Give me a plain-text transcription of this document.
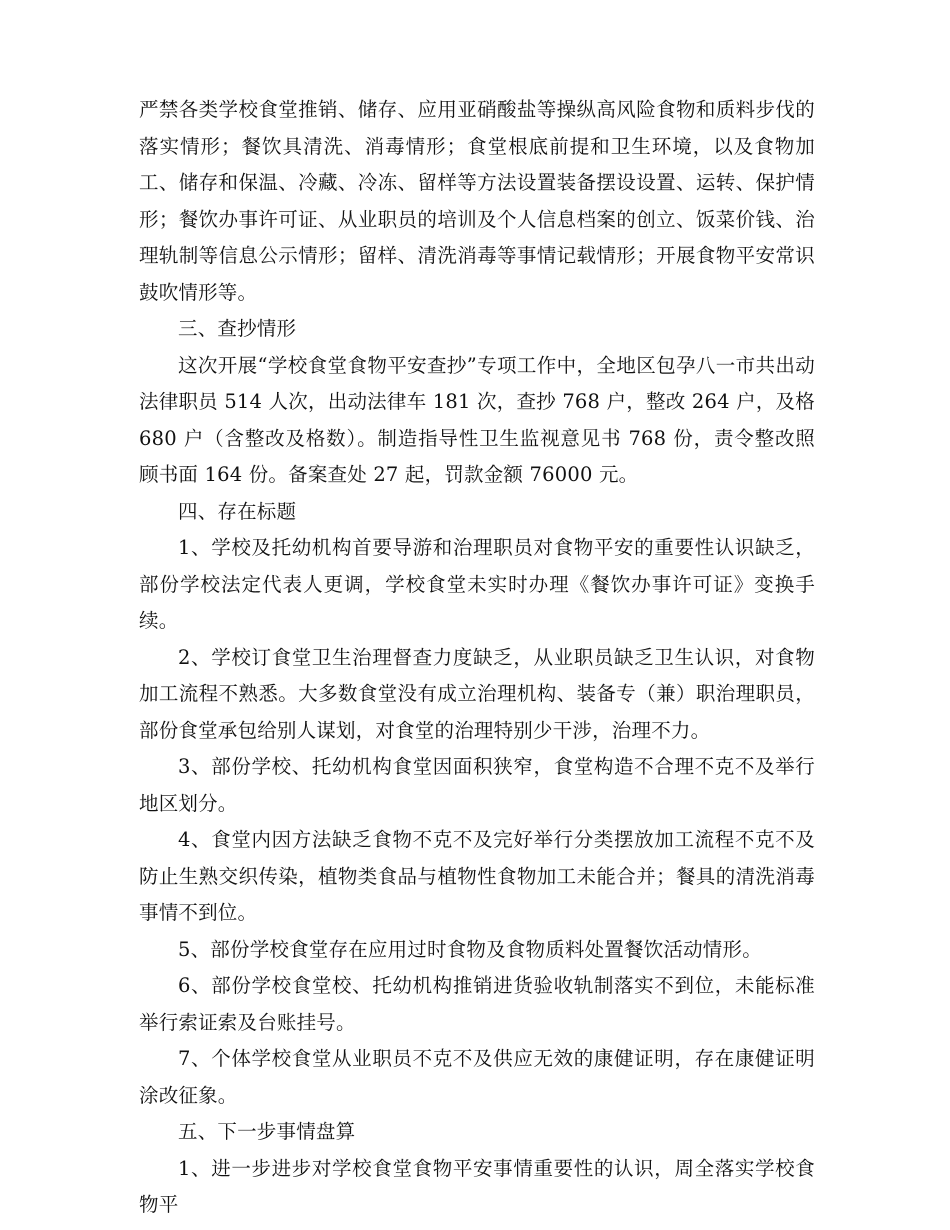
严禁各类学校食堂推销、储存、应用亚硝酸盐等操纵高风险食物和质料步伐的落实情形；餐饮具清洗、消毒情形；食堂根底前提和卫生环境，以及食物加工、储存和保温、冷藏、冷冻、留样等方法设置装备摆设设置、运转、保护情形；餐饮办事许可证、从业职员的培训及个人信息档案的创立、饭菜价钱、治理轨制等信息公示情形；留样、清洗消毒等事情记载情形；开展食物平安常识鼓吹情形等。

三、查抄情形

这次开展“学校食堂食物平安查抄”专项工作中，全地区包孕八一市共出动法律职员 514 人次，出动法律车 181 次，查抄 768 户，整改 264 户，及格 680 户（含整改及格数）。制造指导性卫生监视意见书 768 份，责令整改照顾书面 164 份。备案查处 27 起，罚款金额 76000 元。

四、存在标题

1、学校及托幼机构首要导游和治理职员对食物平安的重要性认识缺乏，部份学校法定代表人更调，学校食堂未实时办理《餐饮办事许可证》变换手续。

2、学校订食堂卫生治理督查力度缺乏，从业职员缺乏卫生认识，对食物加工流程不熟悉。大多数食堂没有成立治理机构、装备专（兼）职治理职员，部份食堂承包给别人谋划，对食堂的治理特别少干涉，治理不力。

3、部份学校、托幼机构食堂因面积狭窄，食堂构造不合理不克不及举行地区划分。

4、食堂内因方法缺乏食物不克不及完好举行分类摆放加工流程不克不及防止生熟交织传染，植物类食品与植物性食物加工未能合并；餐具的清洗消毒事情不到位。

5、部份学校食堂存在应用过时食物及食物质料处置餐饮活动情形。

6、部份学校食堂校、托幼机构推销进货验收轨制落实不到位，未能标准举行索证索及台账挂号。

7、个体学校食堂从业职员不克不及供应无效的康健证明，存在康健证明涂改征象。

五、下一步事情盘算

1、进一步进步对学校食堂食物平安事情重要性的认识，周全落实学校食物平
